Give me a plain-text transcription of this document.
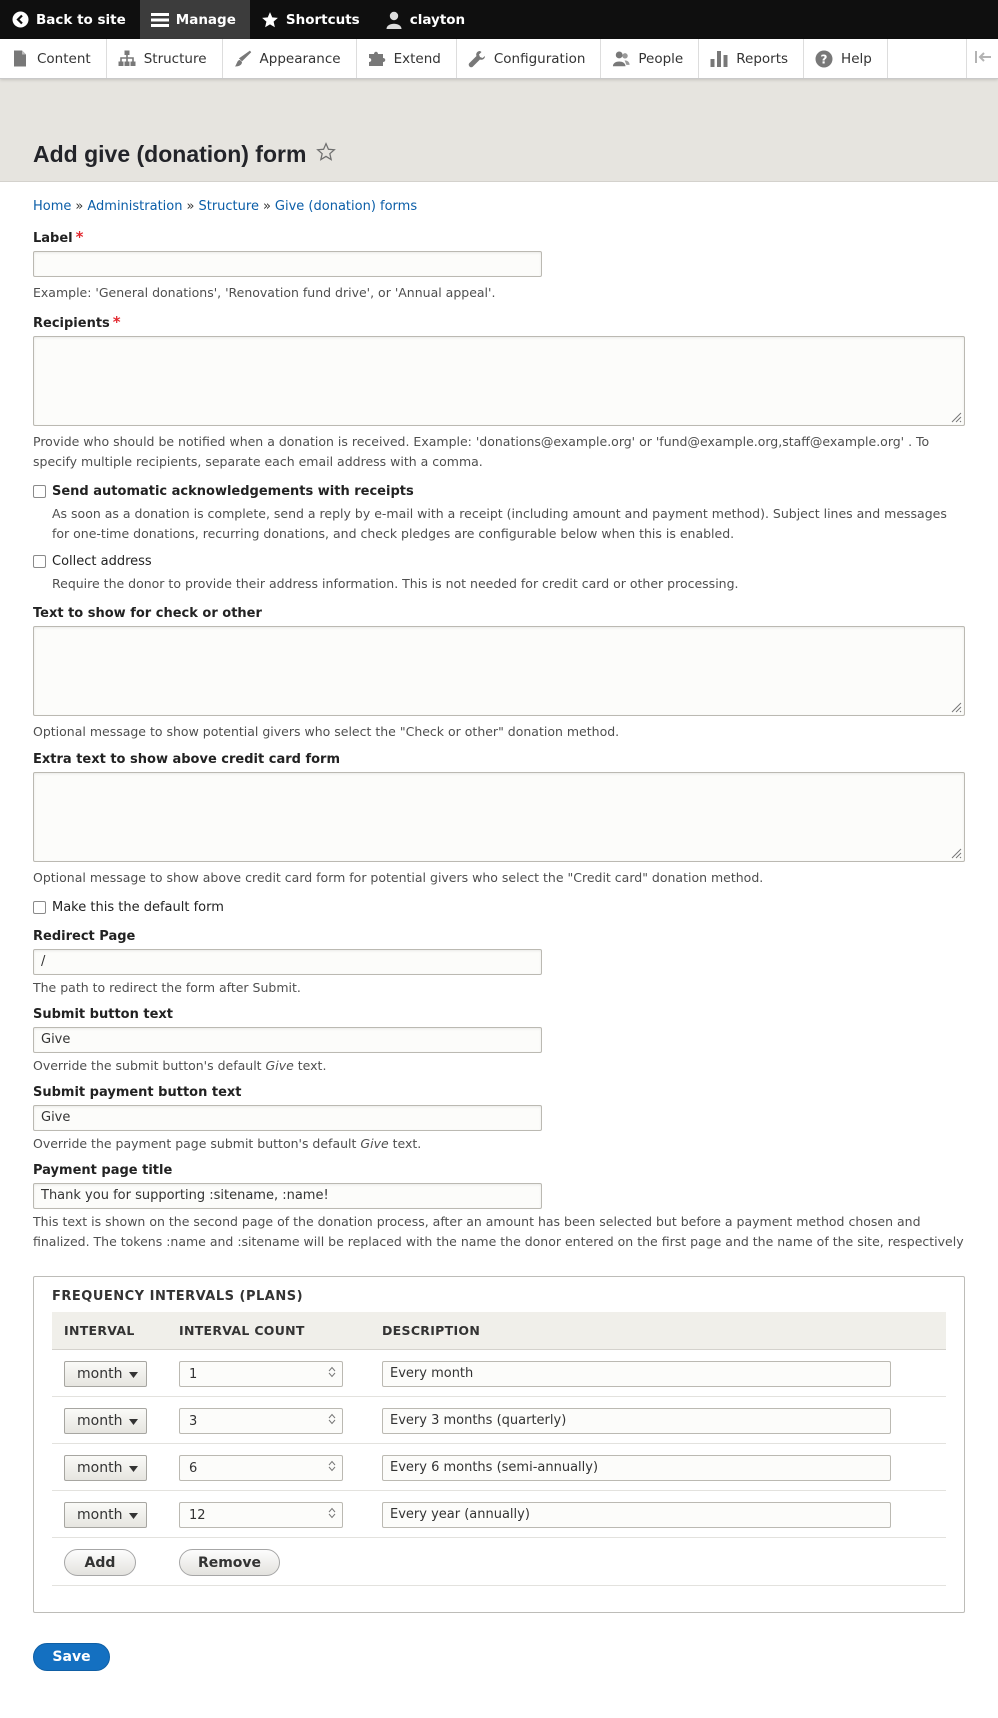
Back to site	Manage	Shortcuts	clayton
Content	Structure	Appearance	Extend	Configuration	People	Reports	? Help
Add give (donation) form
Home » Administration » Structure » Give (donation) forms
Label *
Example: 'General donations', 'Renovation fund drive', or 'Annual appeal'.
Recipients *
Provide who should be notified when a donation is received. Example: 'donations@example.org' or 'fund@example.org,staff@example.org' . To specify multiple recipients, separate each email address with a comma.
Send automatic acknowledgements with receipts
As soon as a donation is complete, send a reply by e-mail with a receipt (including amount and payment method). Subject lines and messages for one-time donations, recurring donations, and check pledges are configurable below when this is enabled.
Collect address
Require the donor to provide their address information. This is not needed for credit card or other processing.
Text to show for check or other
Optional message to show potential givers who select the "Check or other" donation method.
Extra text to show above credit card form
Optional message to show above credit card form for potential givers who select the "Credit card" donation method.
Make this the default form
Redirect Page
/
The path to redirect the form after Submit.
Submit button text
Give
Override the submit button's default Give text.
Submit payment button text
Give
Override the payment page submit button's default Give text.
Payment page title
Thank you for supporting :sitename, :name!
This text is shown on the second page of the donation process, after an amount has been selected but before a payment method chosen and finalized. The tokens :name and :sitename will be replaced with the name the donor entered on the first page and the name of the site, respectively
FREQUENCY INTERVALS (PLANS)
INTERVAL	INTERVAL COUNT	DESCRIPTION

month	1	Every month

month	3	Every 3 months (quarterly)

month	6	Every 6 months (semi-annually)

month	12	Every year (annually)

Add	Remove	
Save
